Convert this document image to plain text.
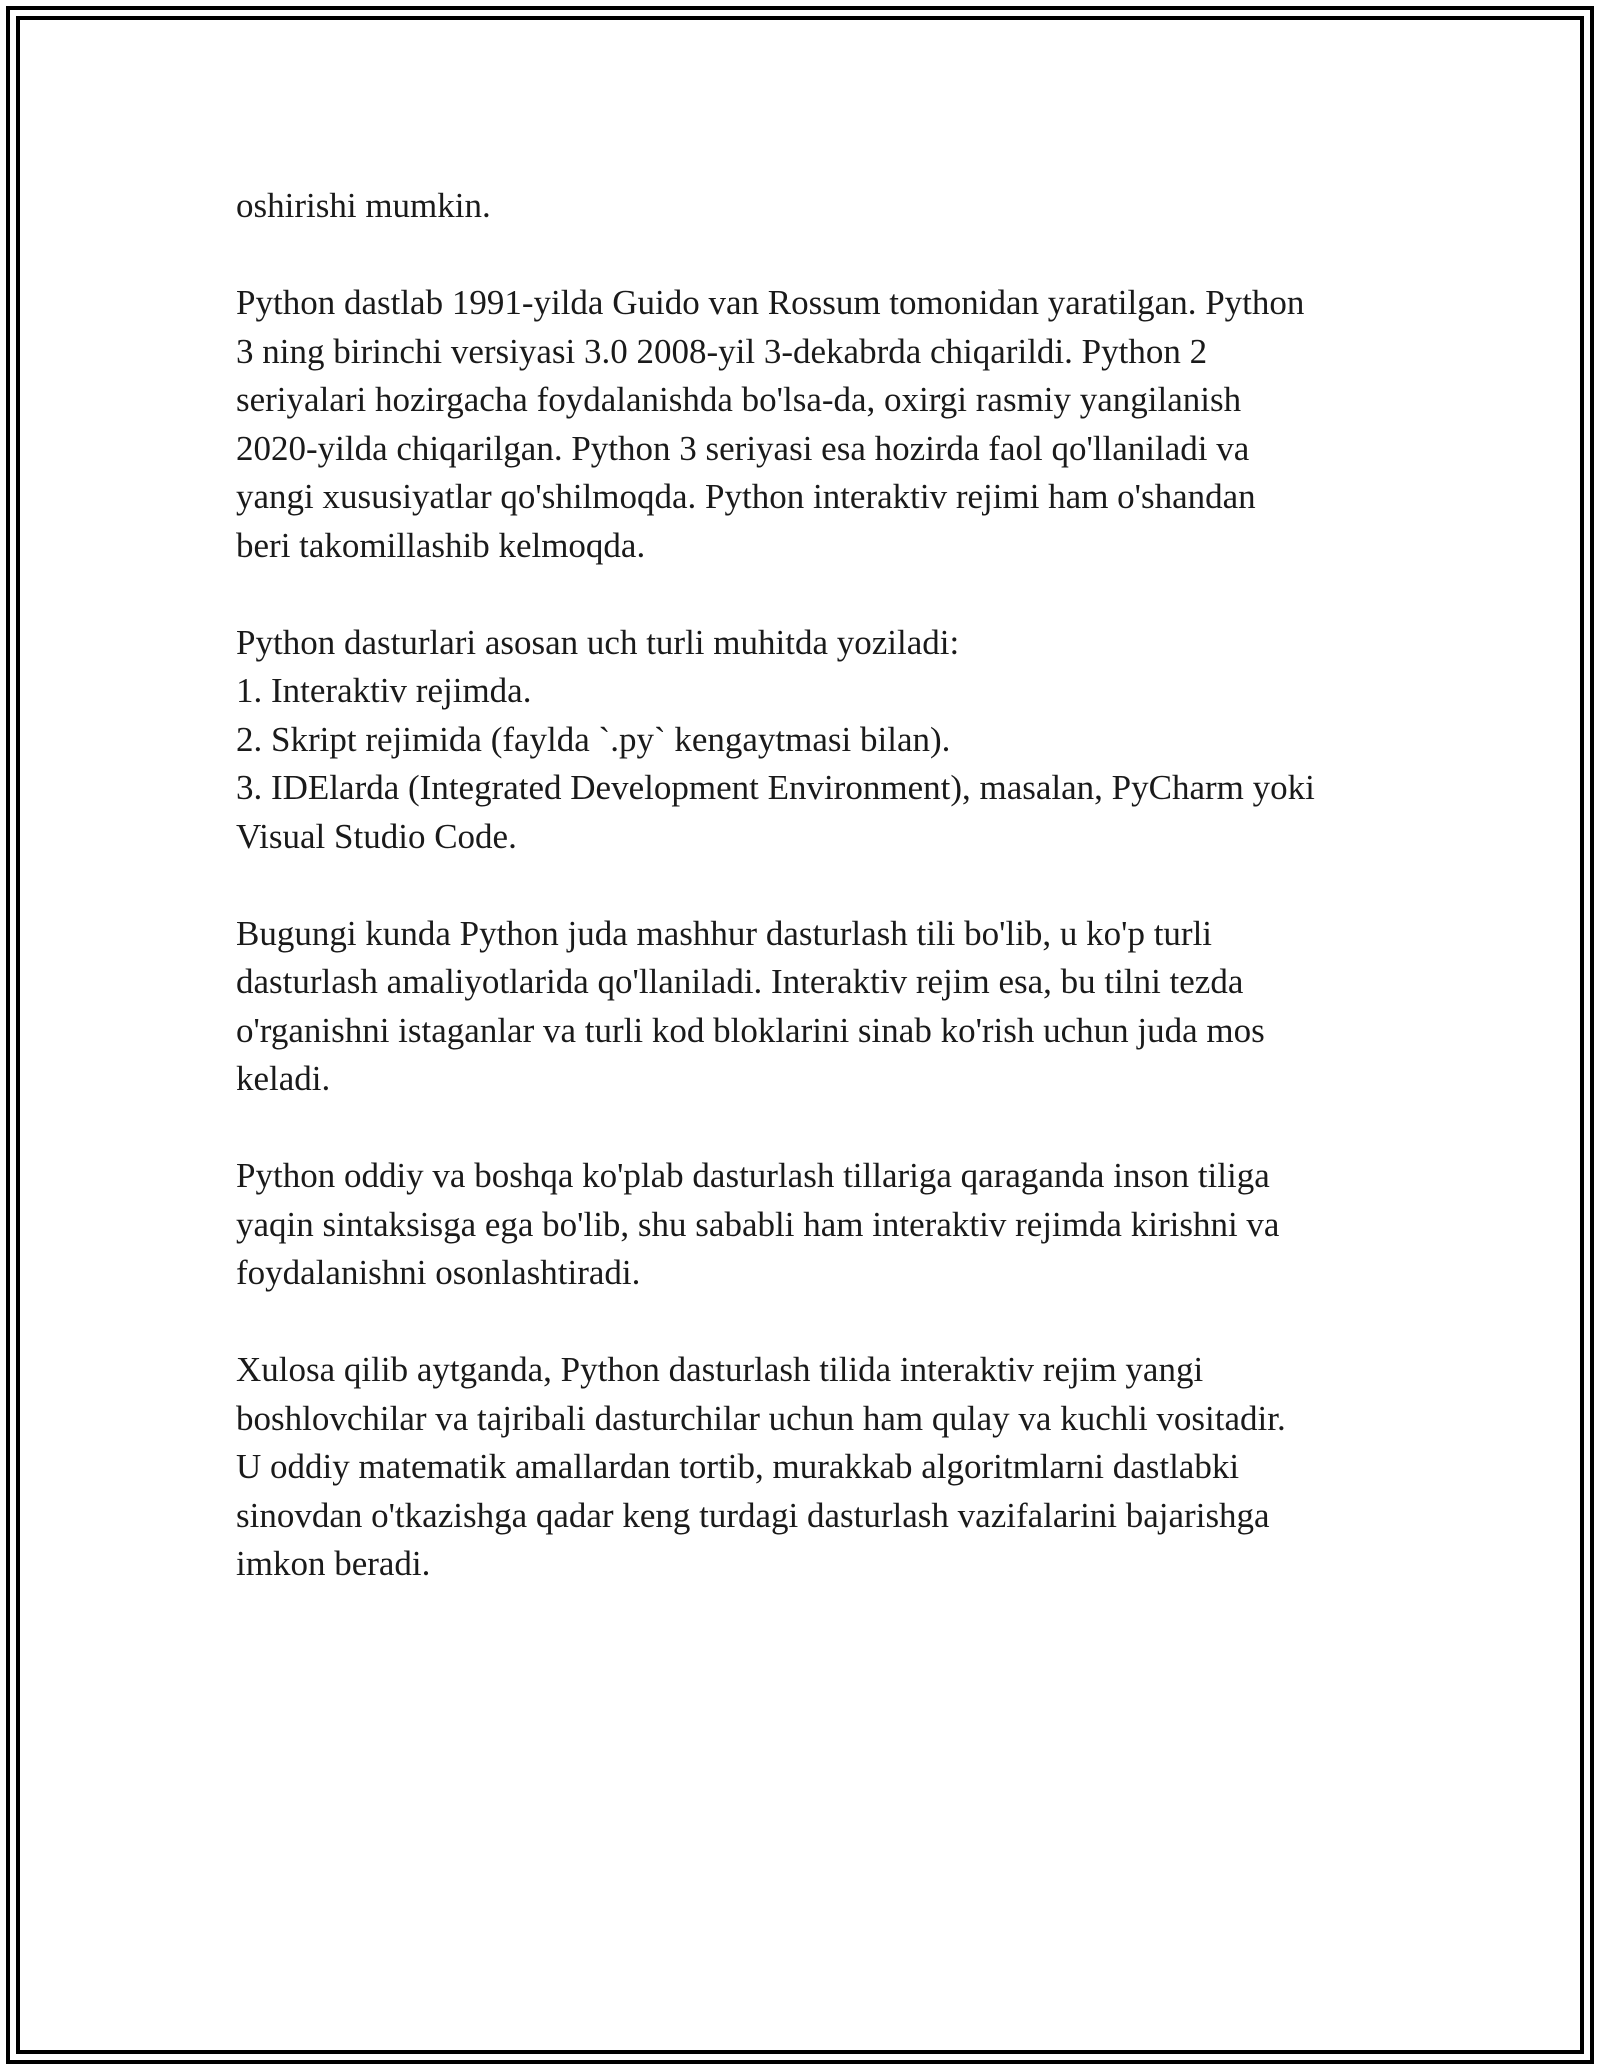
oshirishi mumkin.

Python dastlab 1991-yilda Guido van Rossum tomonidan yaratilgan. Python
3 ning birinchi versiyasi 3.0 2008-yil 3-dekabrda chiqarildi. Python 2
seriyalari hozirgacha foydalanishda bo'lsa-da, oxirgi rasmiy yangilanish
2020-yilda chiqarilgan. Python 3 seriyasi esa hozirda faol qo'llaniladi va
yangi xususiyatlar qo'shilmoqda. Python interaktiv rejimi ham o'shandan
beri takomillashib kelmoqda.

Python dasturlari asosan uch turli muhitda yoziladi:
1. Interaktiv rejimda.
2. Skript rejimida (faylda `.py` kengaytmasi bilan).
3. IDElarda (Integrated Development Environment), masalan, PyCharm yoki
Visual Studio Code.

Bugungi kunda Python juda mashhur dasturlash tili bo'lib, u ko'p turli
dasturlash amaliyotlarida qo'llaniladi. Interaktiv rejim esa, bu tilni tezda
o'rganishni istaganlar va turli kod bloklarini sinab ko'rish uchun juda mos
keladi.

Python oddiy va boshqa ko'plab dasturlash tillariga qaraganda inson tiliga
yaqin sintaksisga ega bo'lib, shu sababli ham interaktiv rejimda kirishni va
foydalanishni osonlashtiradi.

Xulosa qilib aytganda, Python dasturlash tilida interaktiv rejim yangi
boshlovchilar va tajribali dasturchilar uchun ham qulay va kuchli vositadir.
U oddiy matematik amallardan tortib, murakkab algoritmlarni dastlabki
sinovdan o'tkazishga qadar keng turdagi dasturlash vazifalarini bajarishga
imkon beradi.
